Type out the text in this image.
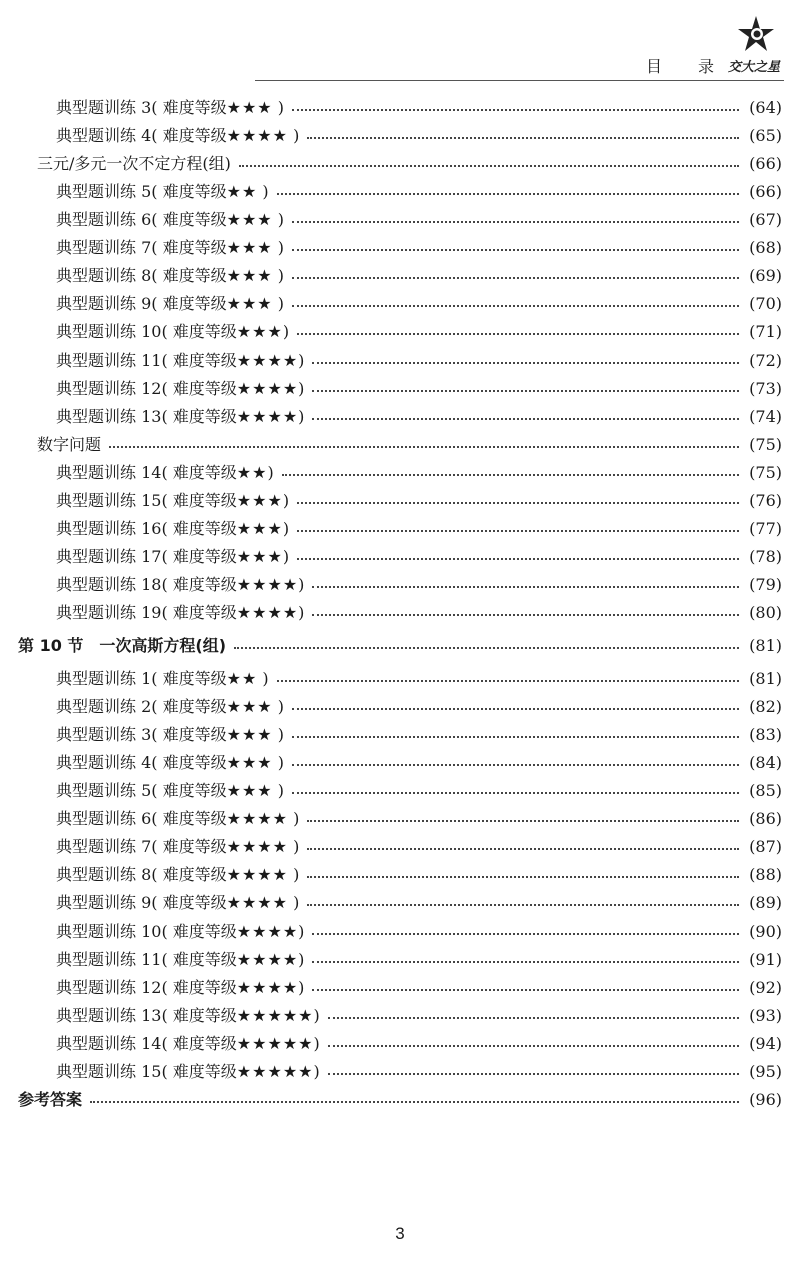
目 录 交大之星
典型题训练 3( 难度等级★★★ )	(64)
典型题训练 4( 难度等级★★★★ )	(65)
三元/多元一次不定方程(组)	(66)
典型题训练 5( 难度等级★★ )	(66)
典型题训练 6( 难度等级★★★ )	(67)
典型题训练 7( 难度等级★★★ )	(68)
典型题训练 8( 难度等级★★★ )	(69)
典型题训练 9( 难度等级★★★ )	(70)
典型题训练 10( 难度等级★★★)	(71)
典型题训练 11( 难度等级★★★★)	(72)
典型题训练 12( 难度等级★★★★)	(73)
典型题训练 13( 难度等级★★★★)	(74)
数字问题	(75)
典型题训练 14( 难度等级★★)	(75)
典型题训练 15( 难度等级★★★)	(76)
典型题训练 16( 难度等级★★★)	(77)
典型题训练 17( 难度等级★★★)	(78)
典型题训练 18( 难度等级★★★★)	(79)
典型题训练 19( 难度等级★★★★)	(80)
第 10 节　一次高斯方程(组)	(81)
典型题训练 1( 难度等级★★ )	(81)
典型题训练 2( 难度等级★★★ )	(82)
典型题训练 3( 难度等级★★★ )	(83)
典型题训练 4( 难度等级★★★ )	(84)
典型题训练 5( 难度等级★★★ )	(85)
典型题训练 6( 难度等级★★★★ )	(86)
典型题训练 7( 难度等级★★★★ )	(87)
典型题训练 8( 难度等级★★★★ )	(88)
典型题训练 9( 难度等级★★★★ )	(89)
典型题训练 10( 难度等级★★★★)	(90)
典型题训练 11( 难度等级★★★★)	(91)
典型题训练 12( 难度等级★★★★)	(92)
典型题训练 13( 难度等级★★★★★)	(93)
典型题训练 14( 难度等级★★★★★)	(94)
典型题训练 15( 难度等级★★★★★)	(95)
参考答案	(96)
3
